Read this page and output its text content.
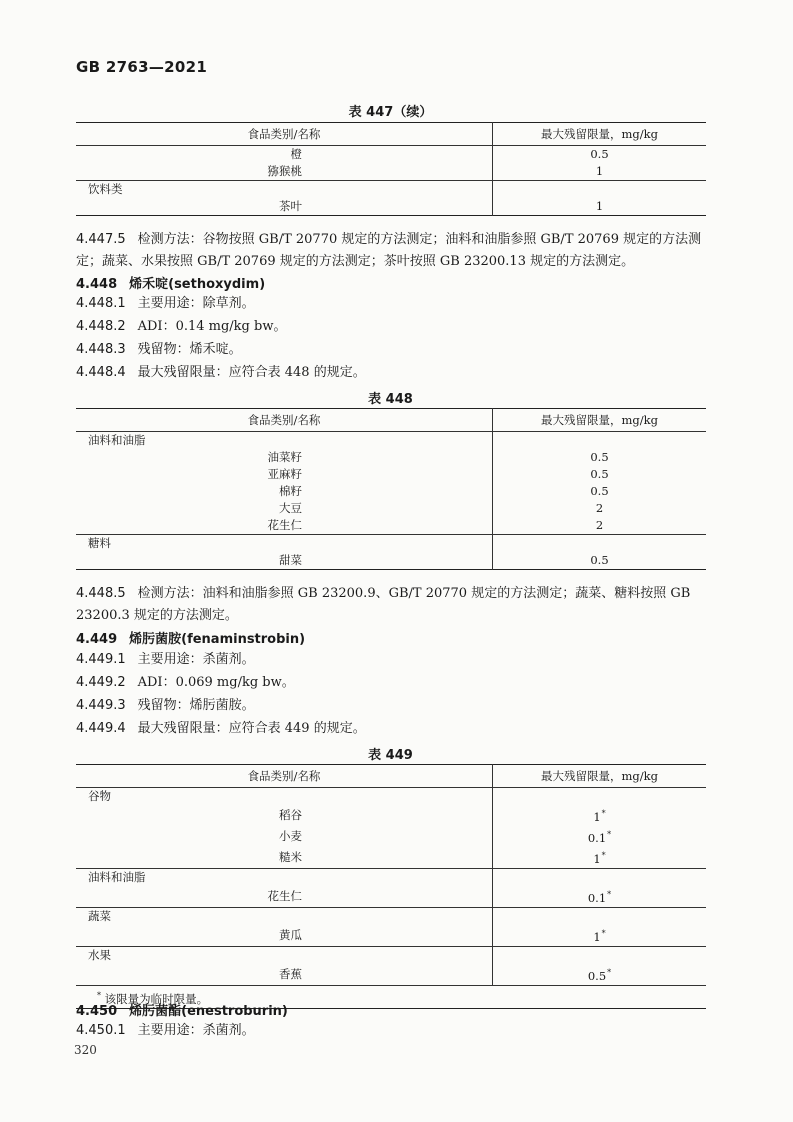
GB 2763—2021
表 447（续）
食品类别/名称	最大残留限量，mg/kg
橙	0.5
猕猴桃	1
饮料类	
茶叶	1
4.447.5 检测方法：谷物按照 GB/T 20770 规定的方法测定；油料和油脂参照 GB/T 20769 规定的方法测定；蔬菜、水果按照 GB/T 20769 规定的方法测定；茶叶按照 GB 23200.13 规定的方法测定。
4.448 烯禾啶(sethoxydim)
4.448.1 主要用途：除草剂。
4.448.2 ADI：0.14 mg/kg bw。
4.448.3 残留物：烯禾啶。
4.448.4 最大残留限量：应符合表 448 的规定。
表 448
食品类别/名称	最大残留限量，mg/kg
油料和油脂	
油菜籽	0.5
亚麻籽	0.5
棉籽	0.5
大豆	2
花生仁	2
糖料	
甜菜	0.5
4.448.5 检测方法：油料和油脂参照 GB 23200.9、GB/T 20770 规定的方法测定；蔬菜、糖料按照 GB 23200.3 规定的方法测定。
4.449 烯肟菌胺(fenaminstrobin)
4.449.1 主要用途：杀菌剂。
4.449.2 ADI：0.069 mg/kg bw。
4.449.3 残留物：烯肟菌胺。
4.449.4 最大残留限量：应符合表 449 的规定。
表 449
食品类别/名称	最大残留限量，mg/kg
谷物	
稻谷	1*
小麦	0.1*
糙米	1*
油料和油脂	
花生仁	0.1*
蔬菜	
黄瓜	1*
水果	
香蕉	0.5*
* 该限量为临时限量。	
4.450 烯肟菌酯(enestroburin)
4.450.1 主要用途：杀菌剂。
320
